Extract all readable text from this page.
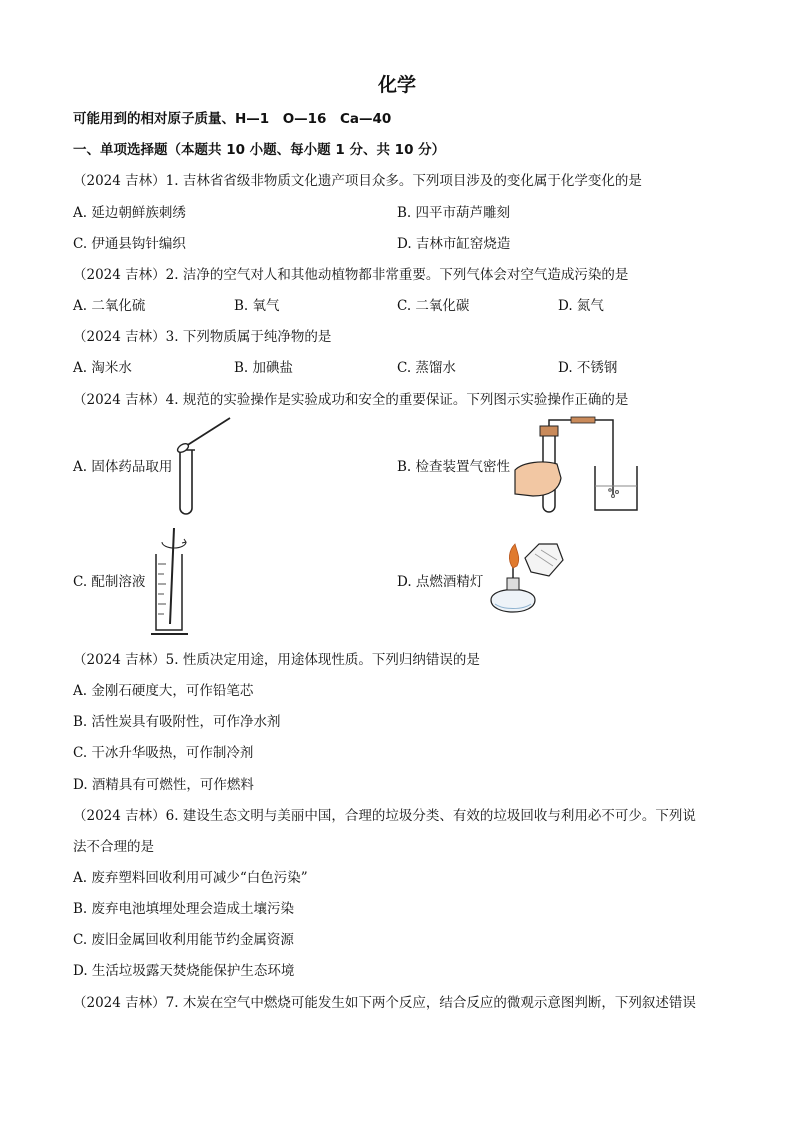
化学
可能用到的相对原子质量、H—1　O—16　Ca—40
一、单项选择题（本题共 10 小题、每小题 1 分、共 10 分）
（2024 吉林）1. 吉林省省级非物质文化遗产项目众多。下列项目涉及的变化属于化学变化的是
A. 延边朝鲜族刺绣	B. 四平市葫芦雕刻
C. 伊通县钩针编织	D. 吉林市缸窑烧造
（2024 吉林）2. 洁净的空气对人和其他动植物都非常重要。下列气体会对空气造成污染的是
A. 二氧化硫	B. 氧气	C. 二氧化碳	D. 氮气
（2024 吉林）3. 下列物质属于纯净物的是
A. 淘米水	B. 加碘盐	C. 蒸馏水	D. 不锈钢
（2024 吉林）4. 规范的实验操作是实验成功和安全的重要保证。下列图示实验操作正确的是
A. 固体药品取用	B. 检查装置气密性
C. 配制溶液	D. 点燃酒精灯
（2024 吉林）5. 性质决定用途，用途体现性质。下列归纳错误的是
A. 金刚石硬度大，可作铅笔芯
B. 活性炭具有吸附性，可作净水剂
C. 干冰升华吸热，可作制冷剂
D. 酒精具有可燃性，可作燃料
（2024 吉林）6. 建设生态文明与美丽中国，合理的垃圾分类、有效的垃圾回收与利用必不可少。下列说
法不合理的是
A. 废弃塑料回收利用可减少“白色污染”
B. 废弃电池填埋处理会造成土壤污染
C. 废旧金属回收利用能节约金属资源
D. 生活垃圾露天焚烧能保护生态环境
（2024 吉林）7. 木炭在空气中燃烧可能发生如下两个反应，结合反应的微观示意图判断，下列叙述错误
